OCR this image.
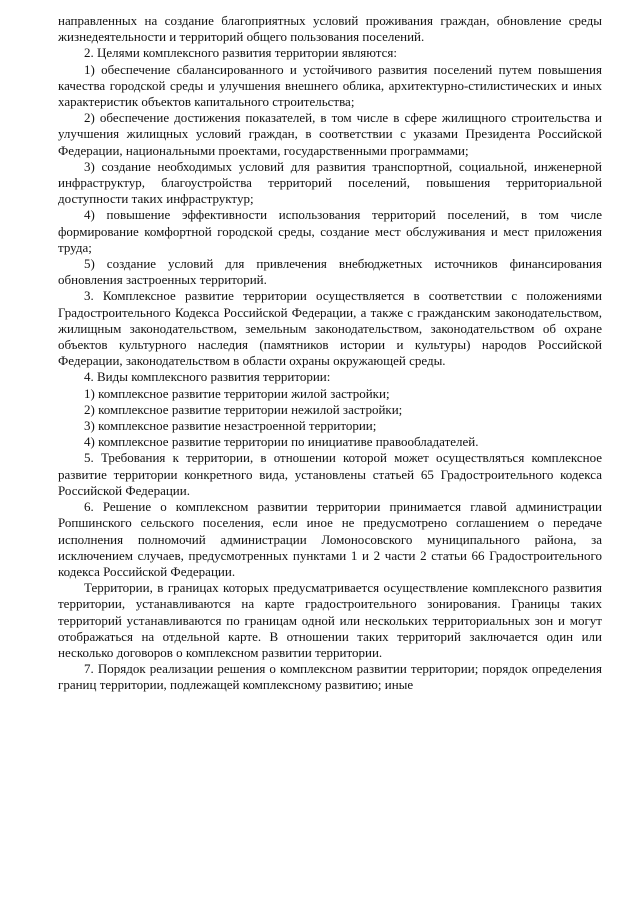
направленных на создание благоприятных условий проживания граждан, обновление среды жизнедеятельности и территорий общего пользования поселений.

2. Целями комплексного развития территории являются:

1) обеспечение сбалансированного и устойчивого развития поселений путем повышения качества городской среды и улучшения внешнего облика, архитектурно-стилистических и иных характеристик объектов капитального строительства;

2) обеспечение достижения показателей, в том числе в сфере жилищного строительства и улучшения жилищных условий граждан, в соответствии с указами Президента Российской Федерации, национальными проектами, государственными программами;

3) создание необходимых условий для развития транспортной, социальной, инженерной инфраструктур, благоустройства территорий поселений, повышения территориальной доступности таких инфраструктур;

4) повышение эффективности использования территорий поселений, в том числе формирование комфортной городской среды, создание мест обслуживания и мест приложения труда;

5) создание условий для привлечения внебюджетных источников финансирования обновления застроенных территорий.

3. Комплексное развитие территории осуществляется в соответствии с положениями Градостроительного Кодекса Российской Федерации, а также с гражданским законодательством, жилищным законодательством, земельным законодательством, законодательством об охране объектов культурного наследия (памятников истории и культуры) народов Российской Федерации, законодательством в области охраны окружающей среды.

4. Виды комплексного развития территории:

1) комплексное развитие территории жилой застройки;

2) комплексное развитие территории нежилой застройки;

3) комплексное развитие незастроенной территории;

4) комплексное развитие территории по инициативе правообладателей.

5. Требования к территории, в отношении которой может осуществляться комплексное развитие территории конкретного вида, установлены статьей 65 Градостроительного кодекса Российской Федерации.

6. Решение о комплексном развитии территории принимается главой администрации Ропшинского сельского поселения, если иное не предусмотрено соглашением о передаче исполнения полномочий администрации Ломоносовского муниципального района, за исключением случаев, предусмотренных пунктами 1 и 2 части 2 статьи 66 Градостроительного кодекса Российской Федерации.

Территории, в границах которых предусматривается осуществление комплексного развития территории, устанавливаются на карте градостроительного зонирования. Границы таких территорий устанавливаются по границам одной или нескольких территориальных зон и могут отображаться на отдельной карте. В отношении таких территорий заключается один или несколько договоров о комплексном развитии территории.

7. Порядок реализации решения о комплексном развитии территории; порядок определения границ территории, подлежащей комплексному развитию; иные
